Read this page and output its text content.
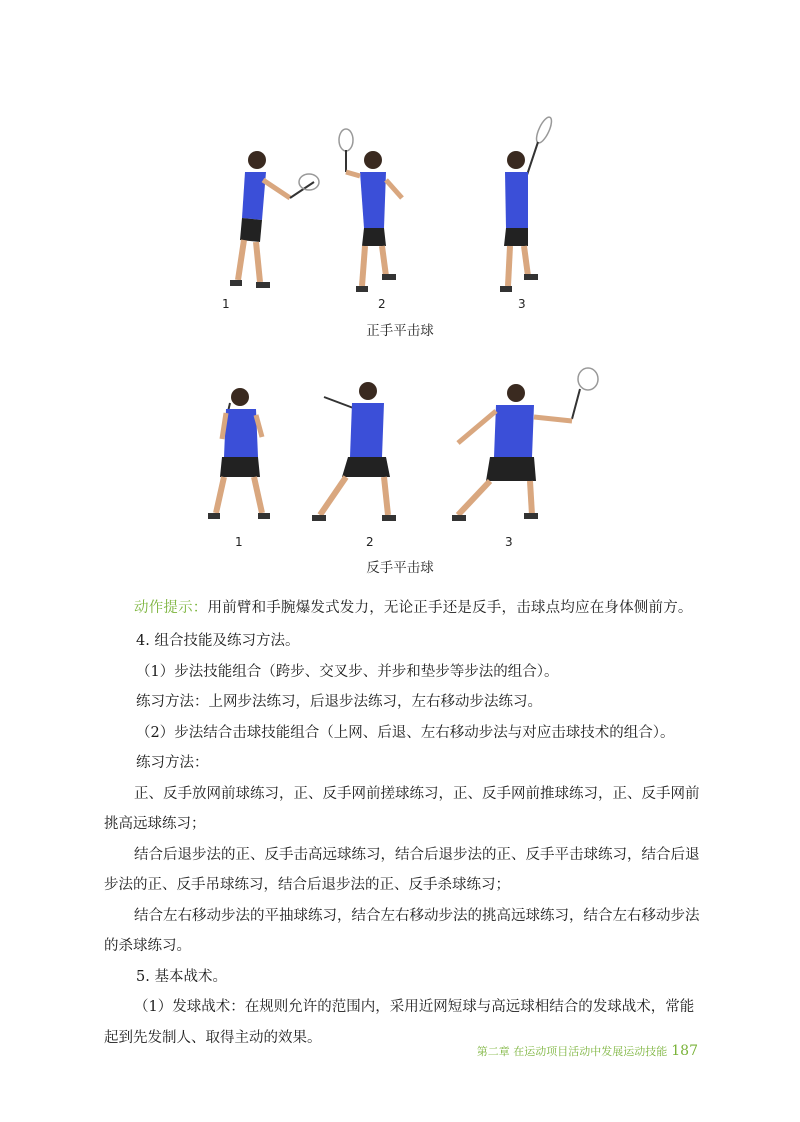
1	2	3
正手平击球
1	2	3
反手平击球
动作提示：用前臂和手腕爆发式发力，无论正手还是反手，击球点均应在身体侧前方。

4. 组合技能及练习方法。

（1）步法技能组合（跨步、交叉步、并步和垫步等步法的组合）。

练习方法：上网步法练习，后退步法练习，左右移动步法练习。

（2）步法结合击球技能组合（上网、后退、左右移动步法与对应击球技术的组合）。

练习方法：

正、反手放网前球练习，正、反手网前搓球练习，正、反手网前推球练习，正、反手网前挑高远球练习；

结合后退步法的正、反手击高远球练习，结合后退步法的正、反手平击球练习，结合后退步法的正、反手吊球练习，结合后退步法的正、反手杀球练习；

结合左右移动步法的平抽球练习，结合左右移动步法的挑高远球练习，结合左右移动步法的杀球练习。

5. 基本战术。

（1）发球战术：在规则允许的范围内，采用近网短球与高远球相结合的发球战术，常能起到先发制人、取得主动的效果。

第二章 在运动项目活动中发展运动技能 187
